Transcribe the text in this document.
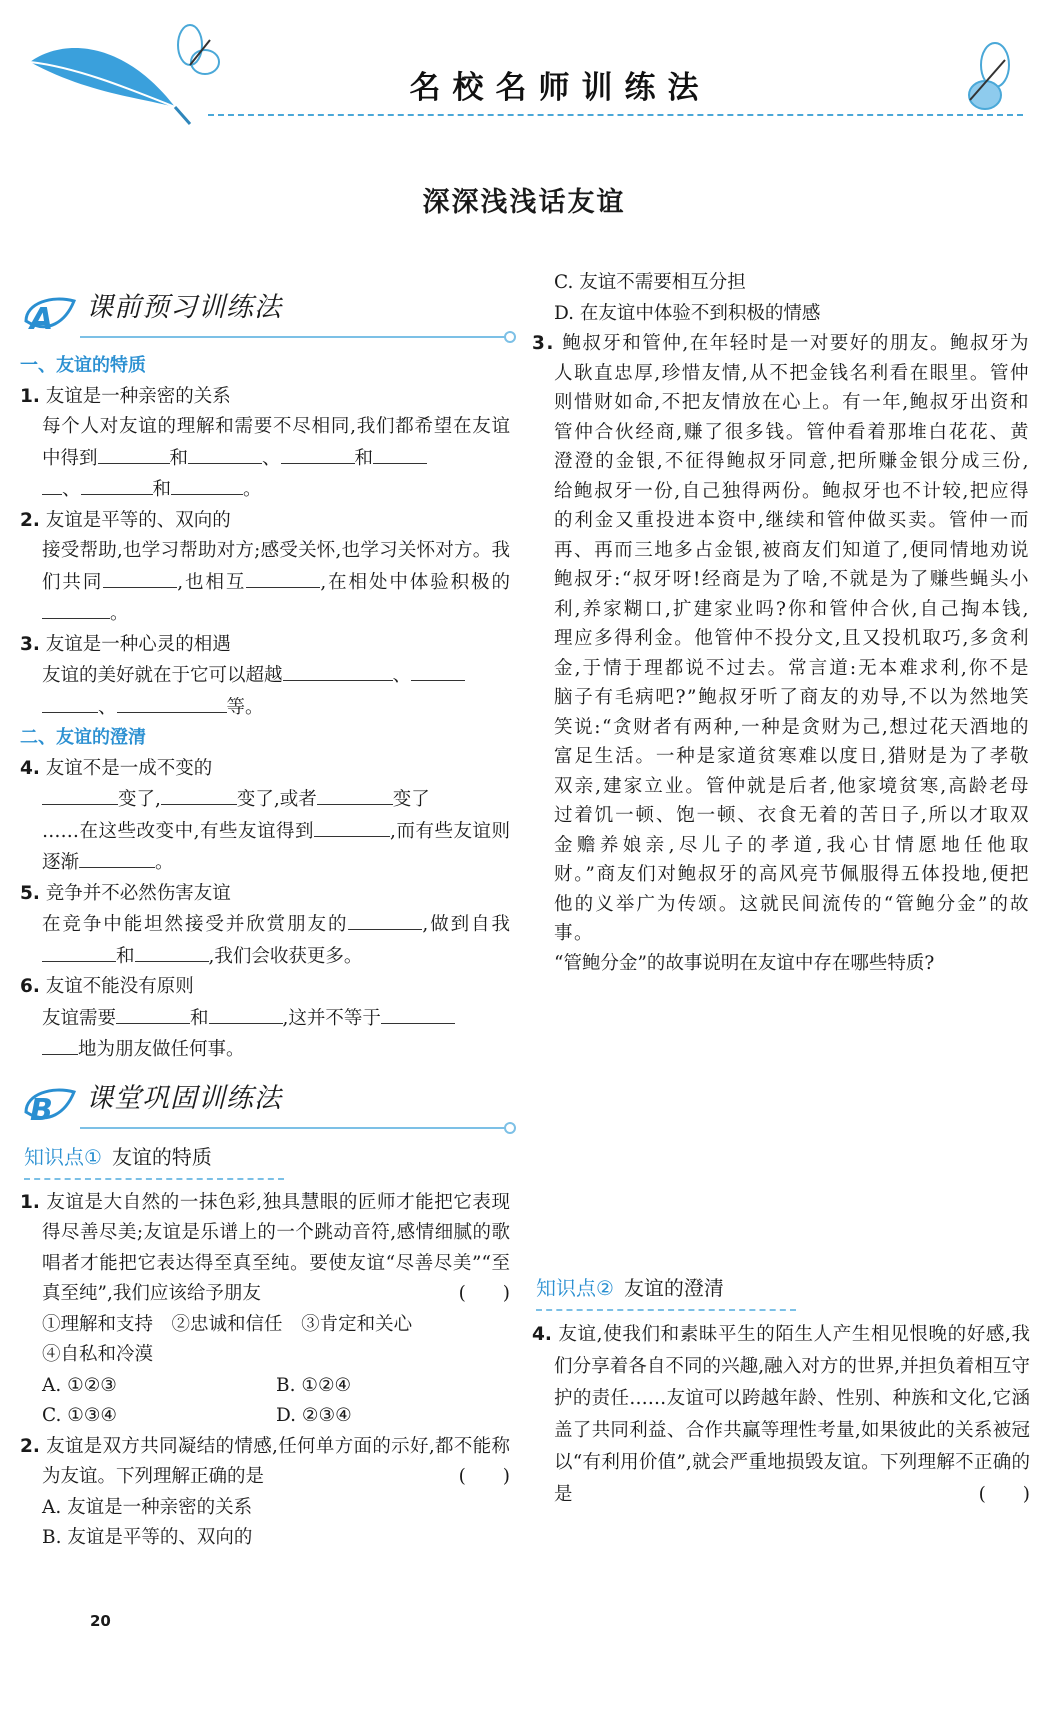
名校名师训练法
深深浅浅话友谊
A 课前预习训练法
一、友谊的特质
1. 友谊是一种亲密的关系
每个人对友谊的理解和需要不尽相同,我们都希望在友谊中得到	和	、	和
、	和	。
2. 友谊是平等的、双向的
接受帮助,也学习帮助对方;感受关怀,也学习关怀对方。我们共同	,也相互	,在相处中体验积极的。
3. 友谊是一种心灵的相遇
友谊的美好就在于它可以超越	、
、	等。
二、友谊的澄清
4. 友谊不是一成不变的
变了,	变了,或者	变了
……在这些改变中,有些友谊得到	,而有些友谊则逐渐	。
5. 竞争并不必然伤害友谊
在竞争中能坦然接受并欣赏朋友的	,做到自我和	,我们会收获更多。
6. 友谊不能没有原则
友谊需要	和	,这并不等于
地为朋友做任何事。
B 课堂巩固训练法
知识点① 友谊的特质
1. 友谊是大自然的一抹色彩,独具慧眼的匠师才能把它表现得尽善尽美;友谊是乐谱上的一个跳动音符,感情细腻的歌唱者才能把它表达得至真至纯。要使友谊“尽善尽美”“至真至纯”,我们应该给予朋友	(　　)
①理解和支持　 ②忠诚和信任　 ③肯定和关心
④自私和冷漠
A. ①②③	B. ①②④
C. ①③④	D. ②③④
2. 友谊是双方共同凝结的情感,任何单方面的示好,都不能称为友谊。下列理解正确的是	(　　)
A. 友谊是一种亲密的关系
B. 友谊是平等的、双向的
C. 友谊不需要相互分担
D. 在友谊中体验不到积极的情感
3. 鲍叔牙和管仲,在年轻时是一对要好的朋友。鲍叔牙为人耿直忠厚,珍惜友情,从不把金钱名利看在眼里。管仲则惜财如命,不把友情放在心上。有一年,鲍叔牙出资和管仲合伙经商,赚了很多钱。管仲看着那堆白花花、黄澄澄的金银,不征得鲍叔牙同意,把所赚金银分成三份,给鲍叔牙一份,自己独得两份。鲍叔牙也不计较,把应得的利金又重投进本资中,继续和管仲做买卖。管仲一而再、再而三地多占金银,被商友们知道了,便同情地劝说鲍叔牙:“叔牙呀!经商是为了啥,不就是为了赚些蝇头小利,养家糊口,扩建家业吗?你和管仲合伙,自己掏本钱,理应多得利金。他管仲不投分文,且又投机取巧,多贪利金,于情于理都说不过去。常言道:无本难求利,你不是脑子有毛病吧?”鲍叔牙听了商友的劝导,不以为然地笑笑说:“贪财者有两种,一种是贪财为己,想过花天酒地的富足生活。一种是家道贫寒难以度日,猎财是为了孝敬双亲,建家立业。管仲就是后者,他家境贫寒,高龄老母过着饥一顿、饱一顿、衣食无着的苦日子,所以才取双金赡养娘亲,尽儿子的孝道,我心甘情愿地任他取财。”商友们对鲍叔牙的高风亮节佩服得五体投地,便把他的义举广为传颂。这就民间流传的“管鲍分金”的故事。
“管鲍分金”的故事说明在友谊中存在哪些特质?
知识点② 友谊的澄清
4. 友谊,使我们和素昧平生的陌生人产生相见恨晚的好感,我们分享着各自不同的兴趣,融入对方的世界,并担负着相互守护的责任……友谊可以跨越年龄、性别、种族和文化,它涵盖了共同利益、合作共赢等理性考量,如果彼此的关系被冠以“有利用价值”,就会严重地损毁友谊。下列理解不正确的是	(　　)
20
